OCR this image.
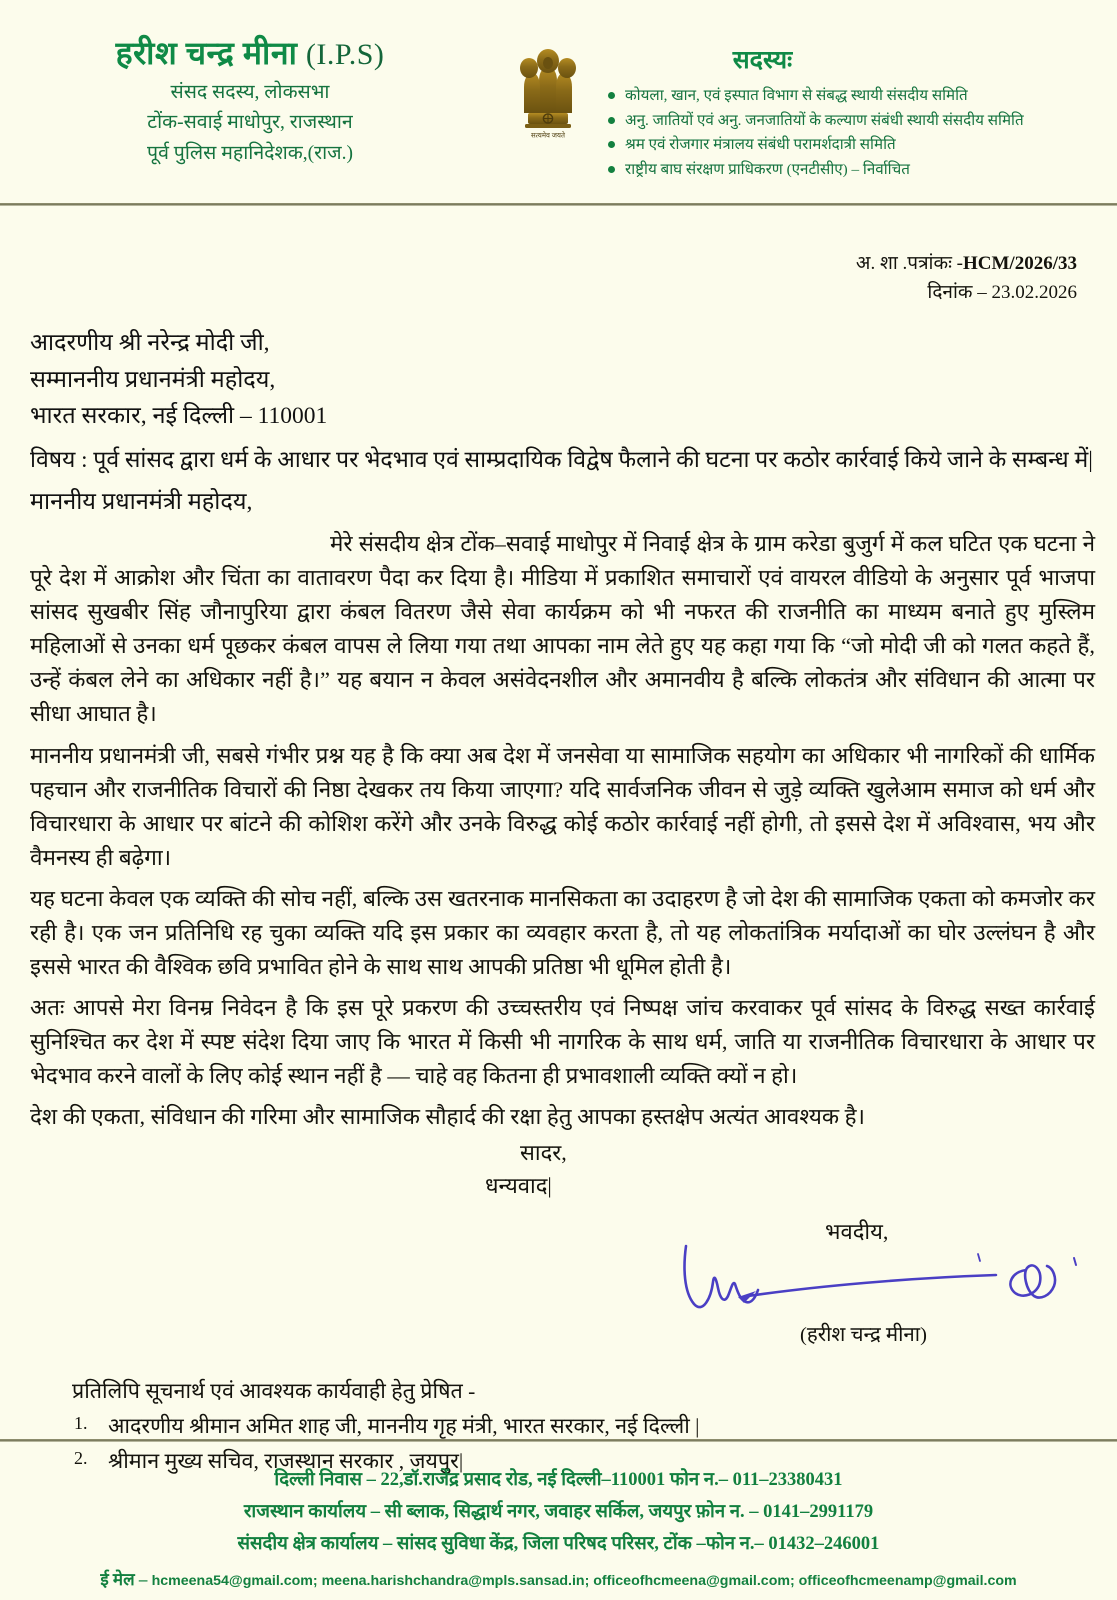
हरीश चन्द्र मीना (I.P.S)
संसद सदस्य, लोकसभा
टोंक-सवाई माधोपुर, राजस्थान
पूर्व पुलिस महानिदेशक,(राज.)
सत्यमेव जयते
सदस्यः
कोयला, खान, एवं इस्पात विभाग से संबद्ध स्थायी संसदीय समिति
अनु. जातियों एवं अनु. जनजातियों के कल्याण संबंधी स्थायी संसदीय समिति
श्रम एवं रोजगार मंत्रालय संबंधी परामर्शदात्री समिति
राष्ट्रीय बाघ संरक्षण प्राधिकरण (एनटीसीए) – निर्वाचित
अ. शा .पत्रांकः -HCM/2026/33
दिनांक – 23.02.2026
आदरणीय श्री नरेन्द्र मोदी जी,
सम्माननीय प्रधानमंत्री महोदय,
भारत सरकार, नई दिल्ली – 110001
विषय : पूर्व सांसद द्वारा धर्म के आधार पर भेदभाव एवं साम्प्रदायिक विद्वेष फैलाने की घटना पर कठोर कार्रवाई किये जाने के सम्बन्ध में|
माननीय प्रधानमंत्री महोदय,
मेरे संसदीय क्षेत्र टोंक–सवाई माधोपुर में निवाई क्षेत्र के ग्राम करेडा बुजुर्ग में कल घटित एक घटना ने पूरे देश में आक्रोश और चिंता का वातावरण पैदा कर दिया है। मीडिया में प्रकाशित समाचारों एवं वायरल वीडियो के अनुसार पूर्व भाजपा सांसद सुखबीर सिंह जौनापुरिया द्वारा कंबल वितरण जैसे सेवा कार्यक्रम को भी नफरत की राजनीति का माध्यम बनाते हुए मुस्लिम महिलाओं से उनका धर्म पूछकर कंबल वापस ले लिया गया तथा आपका नाम लेते हुए यह कहा गया कि “जो मोदी जी को गलत कहते हैं, उन्हें कंबल लेने का अधिकार नहीं है।” यह बयान न केवल असंवेदनशील और अमानवीय है बल्कि लोकतंत्र और संविधान की आत्मा पर सीधा आघात है।
माननीय प्रधानमंत्री जी, सबसे गंभीर प्रश्न यह है कि क्या अब देश में जनसेवा या सामाजिक सहयोग का अधिकार भी नागरिकों की धार्मिक पहचान और राजनीतिक विचारों की निष्ठा देखकर तय किया जाएगा? यदि सार्वजनिक जीवन से जुड़े व्यक्ति खुलेआम समाज को धर्म और विचारधारा के आधार पर बांटने की कोशिश करेंगे और उनके विरुद्ध कोई कठोर कार्रवाई नहीं होगी, तो इससे देश में अविश्वास, भय और वैमनस्य ही बढ़ेगा।
यह घटना केवल एक व्यक्ति की सोच नहीं, बल्कि उस खतरनाक मानसिकता का उदाहरण है जो देश की सामाजिक एकता को कमजोर कर रही है। एक जन प्रतिनिधि रह चुका व्यक्ति यदि इस प्रकार का व्यवहार करता है, तो यह लोकतांत्रिक मर्यादाओं का घोर उल्लंघन है और इससे भारत की वैश्विक छवि प्रभावित होने के साथ साथ आपकी प्रतिष्ठा भी धूमिल होती है।
अतः आपसे मेरा विनम्र निवेदन है कि इस पूरे प्रकरण की उच्चस्तरीय एवं निष्पक्ष जांच करवाकर पूर्व सांसद के विरुद्ध सख्त कार्रवाई सुनिश्चित कर देश में स्पष्ट संदेश दिया जाए कि भारत में किसी भी नागरिक के साथ धर्म, जाति या राजनीतिक विचारधारा के आधार पर भेदभाव करने वालों के लिए कोई स्थान नहीं है — चाहे वह कितना ही प्रभावशाली व्यक्ति क्यों न हो।
देश की एकता, संविधान की गरिमा और सामाजिक सौहार्द की रक्षा हेतु आपका हस्तक्षेप अत्यंत आवश्यक है।
सादर,
धन्यवाद|
भवदीय,
(हरीश चन्द्र मीना)
प्रतिलिपि सूचनार्थ एवं आवश्यक कार्यवाही हेतु प्रेषित -
1. आदरणीय श्रीमान अमित शाह जी, माननीय गृह मंत्री, भारत सरकार, नई दिल्ली |
2. श्रीमान मुख्य सचिव, राजस्थान सरकार , जयपुर|
दिल्ली निवास – 22,डॉ.राजेंद्र प्रसाद रोड, नई दिल्ली–110001 फोन न.– 011–23380431
राजस्थान कार्यालय – सी ब्लाक, सिद्धार्थ नगर, जवाहर सर्किल, जयपुर फ़ोन न. – 0141–2991179
संसदीय क्षेत्र कार्यालय – सांसद सुविधा केंद्र, जिला परिषद परिसर, टोंक –फोन न.– 01432–246001
ई मेल – hcmeena54@gmail.com; meena.harishchandra@mpls.sansad.in; officeofhcmeena@gmail.com; officeofhcmeenamp@gmail.com
